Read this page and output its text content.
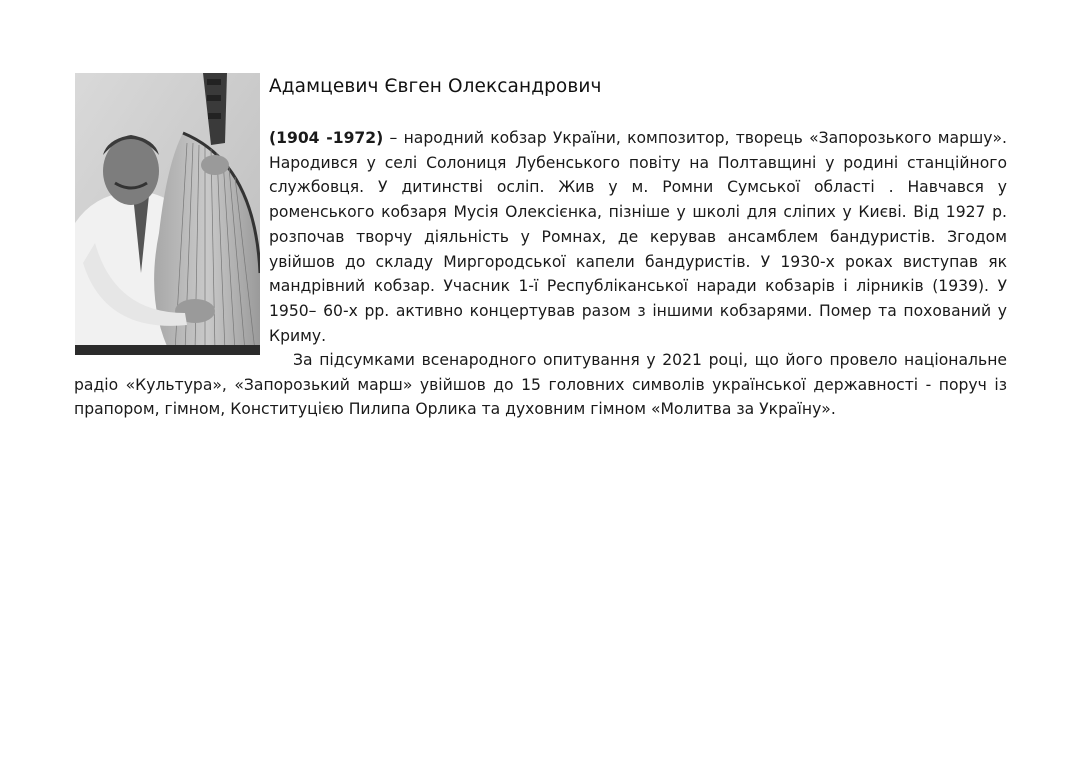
Адамцевич Євген Олександрович

(1904 -1972) – народний кобзар України, композитор, творець «Запорозького маршу». Народився у селі Солониця Лубенського повіту на Полтавщині у родині станційного службовця. У дитинстві осліп. Жив у м. Ромни Сумської області . Навчався у роменського кобзаря Мусія Олексієнка, пізніше у школі для сліпих у Києві. Від 1927 р. розпочав творчу діяльність у Ромнах, де керував ансамблем бандуристів. Згодом увійшов до складу Миргородської капели бандуристів. У 1930-х роках виступав як мандрівний кобзар. Учасник 1-ї Республіканської наради кобзарів і лірників (1939). У 1950– 60-х рр. активно концертував разом з іншими кобзарями. Помер та похований у Криму.

За підсумками всенародного опитування у 2021 році, що його провело національне радіо «Культура», «Запорозький марш» увійшов до 15 головних символів української державності - поруч із прапором, гімном, Конституцією Пилипа Орлика та духовним гімном «Молитва за Україну».
